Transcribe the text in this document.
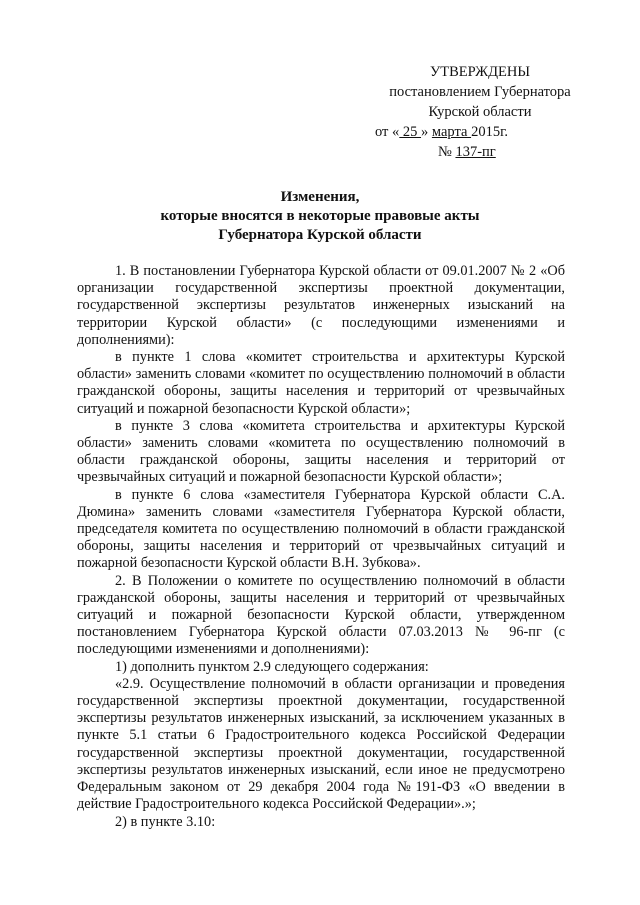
УТВЕРЖДЕНЫ
постановлением Губернатора
Курской области
от « 25 » марта 2015г.
№ 137-пг
Изменения,
которые вносятся в некоторые правовые акты
Губернатора Курской области

1. В постановлении Губернатора Курской области от 09.01.2007 № 2 «Об организации государственной экспертизы проектной документации, государственной экспертизы результатов инженерных изысканий на территории Курской области» (с последующими изменениями и дополнениями):

в пункте 1 слова «комитет строительства и архитектуры Курской области» заменить словами «комитет по осуществлению полномочий в области гражданской обороны, защиты населения и территорий от чрезвычайных ситуаций и пожарной безопасности Курской области»;

в пункте 3 слова «комитета строительства и архитектуры Курской области» заменить словами «комитета по осуществлению полномочий в области гражданской обороны, защиты населения и территорий от чрезвычайных ситуаций и пожарной безопасности Курской области»;

в пункте 6 слова «заместителя Губернатора Курской области С.А. Дюмина» заменить словами «заместителя Губернатора Курской области, председателя комитета по осуществлению полномочий в области гражданской обороны, защиты населения и территорий от чрезвычайных ситуаций и пожарной безопасности Курской области В.Н. Зубкова».

2. В Положении о комитете по осуществлению полномочий в области гражданской обороны, защиты населения и территорий от чрезвычайных ситуаций и пожарной безопасности Курской области, утвержденном постановлением Губернатора Курской области 07.03.2013 № 96-пг (с последующими изменениями и дополнениями):

1) дополнить пунктом 2.9 следующего содержания:

«2.9. Осуществление полномочий в области организации и проведения государственной экспертизы проектной документации, государственной экспертизы результатов инженерных изысканий, за исключением указанных в пункте 5.1 статьи 6 Градостроительного кодекса Российской Федерации государственной экспертизы проектной документации, государственной экспертизы результатов инженерных изысканий, если иное не предусмотрено Федеральным законом от 29 декабря 2004 года №191-ФЗ «О введении в действие Градостроительного кодекса Российской Федерации».»;

2) в пункте 3.10:
